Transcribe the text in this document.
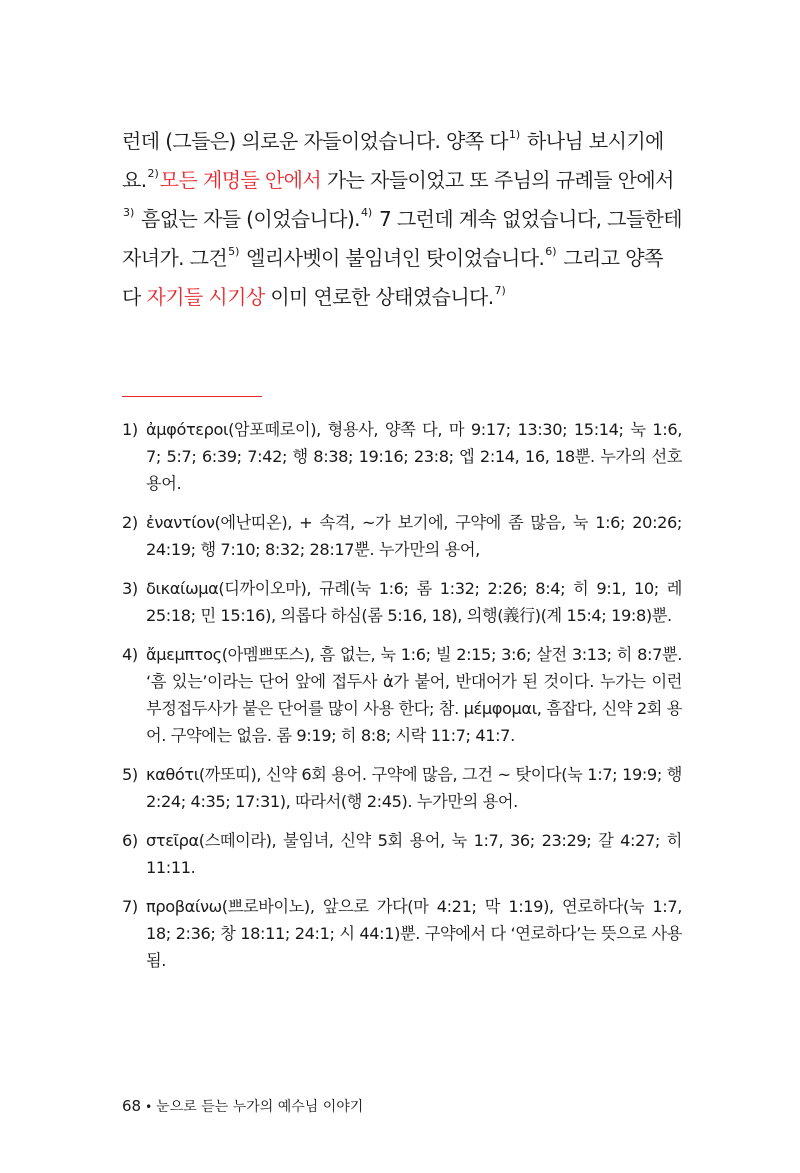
런데 (그들은) 의로운 자들이었습니다. 양쪽 다$^{1)}$ 하나님 보시기에요.$^{2)}$모든 계명들 안에서 가는 자들이었고 또 주님의 규례들 안에서$^{3)}$ 흠없는 자들 (이었습니다).$^{4)}$ 7 그런데 계속 없었습니다, 그들한테 자녀가. 그건$^{5)}$ 엘리사벳이 불임녀인 탓이었습니다.$^{6)}$ 그리고 양쪽 다 자기들 시기상 이미 연로한 상태였습니다.$^{7)}$
1) ἀμφότεροι(암포떼로이), 형용사, 양쪽 다, 마 9:17; 13:30; 15:14; 눅 1:6, 7; 5:7; 6:39; 7:42; 행 8:38; 19:16; 23:8; 엡 2:14, 16, 18뿐. 누가의 선호용어.
2) ἐναντίον(에난띠온), + 속격, ~가 보기에, 구약에 좀 많음, 눅 1:6; 20:26; 24:19; 행 7:10; 8:32; 28:17뿐. 누가만의 용어,
3) δικαίωμα(디까이오마), 규례(눅 1:6; 롬 1:32; 2:26; 8:4; 히 9:1, 10; 레 25:18; 민 15:16), 의롭다 하심(롬 5:16, 18), 의행(義行)(계 15:4; 19:8)뿐.
4) ἄμεμπτος(아멤쁘또스), 흠 없는, 눅 1:6; 빌 2:15; 3:6; 살전 3:13; 히 8:7뿐. ‘흠 있는’이라는 단어 앞에 접두사 ἀ가 붙어, 반대어가 된 것이다. 누가는 이런 부정접두사가 붙은 단어를 많이 사용 한다; 참. μέμφομαι, 흠잡다, 신약 2회 용어. 구약에는 없음. 롬 9:19; 히 8:8; 시락 11:7; 41:7.
5) καθότι(까또띠), 신약 6회 용어. 구약에 많음, 그건 ~ 탓이다(눅 1:7; 19:9; 행 2:24; 4:35; 17:31), 따라서(행 2:45). 누가만의 용어.
6) στεῖρα(스떼이라), 불임녀, 신약 5회 용어, 눅 1:7, 36; 23:29; 갈 4:27; 히 11:11.
7) προβαίνω(쁘로바이노), 앞으로 가다(마 4:21; 막 1:19), 연로하다(눅 1:7, 18; 2:36; 창 18:11; 24:1; 시 44:1)뿐. 구약에서 다 ‘연로하다’는 뜻으로 사용됨.
68 • 눈으로 듣는 누가의 예수님 이야기
